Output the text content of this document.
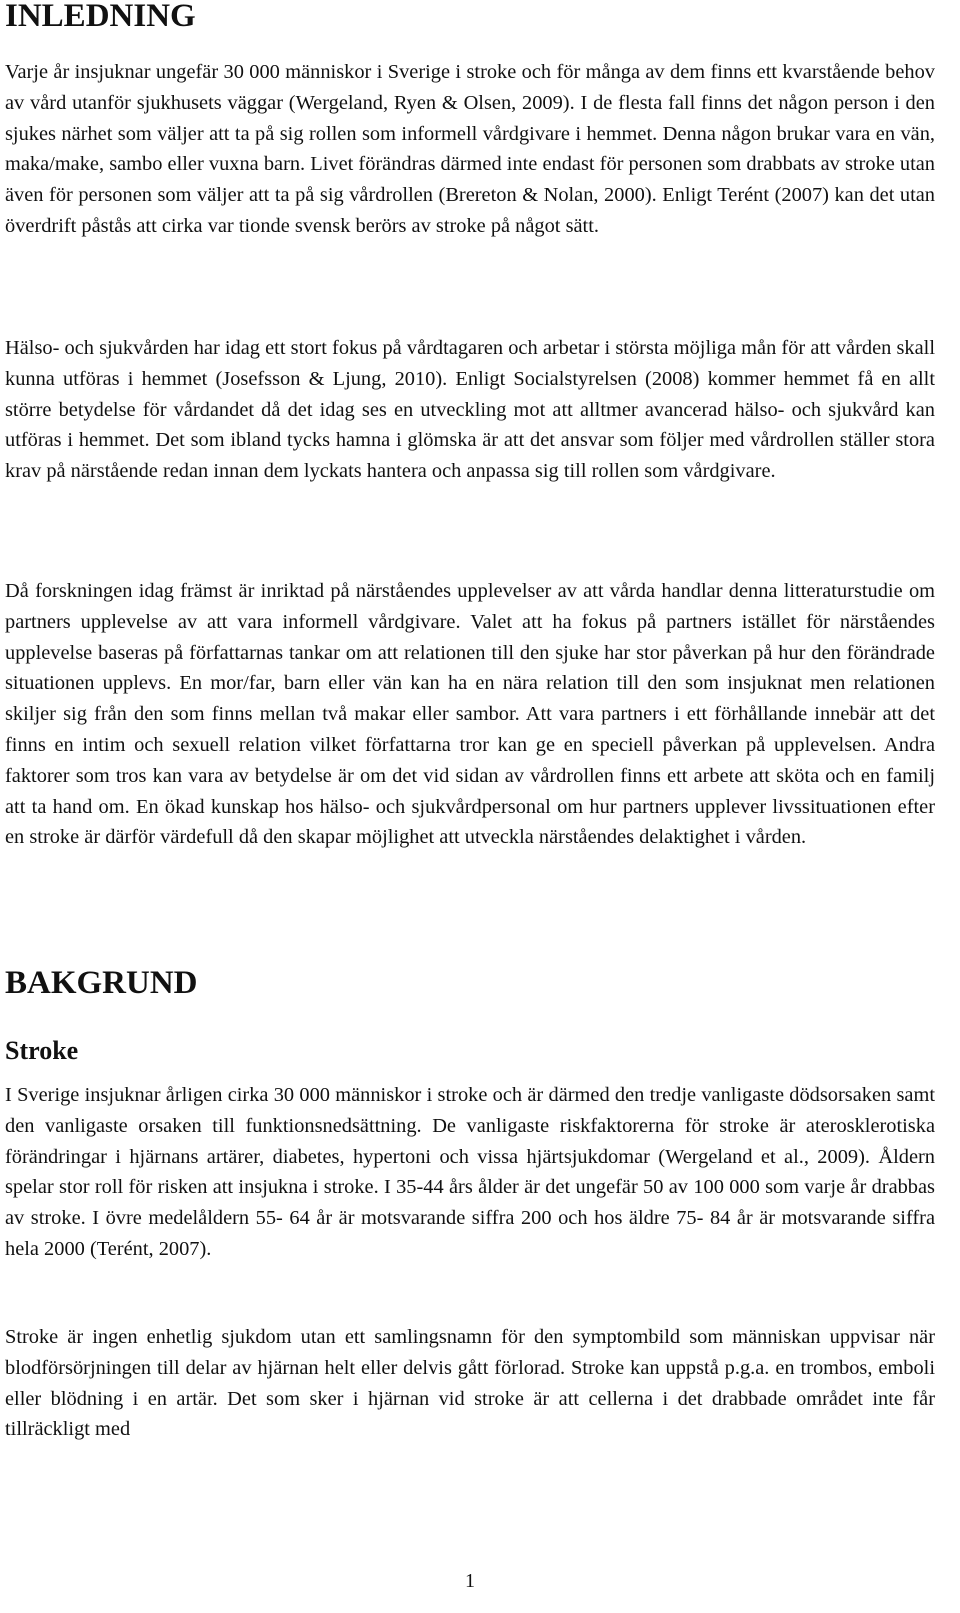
INLEDNING

Varje år insjuknar ungefär 30 000 människor i Sverige i stroke och för många av dem finns ett kvarstående behov av vård utanför sjukhusets väggar (Wergeland, Ryen & Olsen, 2009). I de flesta fall finns det någon person i den sjukes närhet som väljer att ta på sig rollen som informell vårdgivare i hemmet. Denna någon brukar vara en vän, maka/make, sambo eller vuxna barn. Livet förändras därmed inte endast för personen som drabbats av stroke utan även för personen som väljer att ta på sig vårdrollen (Brereton & Nolan, 2000). Enligt Terént (2007) kan det utan överdrift påstås att cirka var tionde svensk berörs av stroke på något sätt.

Hälso- och sjukvården har idag ett stort fokus på vårdtagaren och arbetar i största möjliga mån för att vården skall kunna utföras i hemmet (Josefsson & Ljung, 2010). Enligt Socialstyrelsen (2008) kommer hemmet få en allt större betydelse för vårdandet då det idag ses en utveckling mot att alltmer avancerad hälso- och sjukvård kan utföras i hemmet. Det som ibland tycks hamna i glömska är att det ansvar som följer med vårdrollen ställer stora krav på närstående redan innan dem lyckats hantera och anpassa sig till rollen som vårdgivare.

Då forskningen idag främst är inriktad på närståendes upplevelser av att vårda handlar denna litteraturstudie om partners upplevelse av att vara informell vårdgivare. Valet att ha fokus på partners istället för närståendes upplevelse baseras på författarnas tankar om att relationen till den sjuke har stor påverkan på hur den förändrade situationen upplevs. En mor/far, barn eller vän kan ha en nära relation till den som insjuknat men relationen skiljer sig från den som finns mellan två makar eller sambor. Att vara partners i ett förhållande innebär att det finns en intim och sexuell relation vilket författarna tror kan ge en speciell påverkan på upplevelsen. Andra faktorer som tros kan vara av betydelse är om det vid sidan av vårdrollen finns ett arbete att sköta och en familj att ta hand om. En ökad kunskap hos hälso- och sjukvårdpersonal om hur partners upplever livssituationen efter en stroke är därför värdefull då den skapar möjlighet att utveckla närståendes delaktighet i vården.

BAKGRUND
Stroke

I Sverige insjuknar årligen cirka 30 000 människor i stroke och är därmed den tredje vanligaste dödsorsaken samt den vanligaste orsaken till funktionsnedsättning. De vanligaste riskfaktorerna för stroke är aterosklerotiska förändringar i hjärnans artärer, diabetes, hypertoni och vissa hjärtsjukdomar (Wergeland et al., 2009). Åldern spelar stor roll för risken att insjukna i stroke. I 35-44 års ålder är det ungefär 50 av 100 000 som varje år drabbas av stroke. I övre medelåldern 55- 64 år är motsvarande siffra 200 och hos äldre 75- 84 år är motsvarande siffra hela 2000 (Terént, 2007).

Stroke är ingen enhetlig sjukdom utan ett samlingsnamn för den symptombild som människan uppvisar när blodförsörjningen till delar av hjärnan helt eller delvis gått förlorad. Stroke kan uppstå p.g.a. en trombos, emboli eller blödning i en artär. Det som sker i hjärnan vid stroke är att cellerna i det drabbade området inte får tillräckligt med

1
